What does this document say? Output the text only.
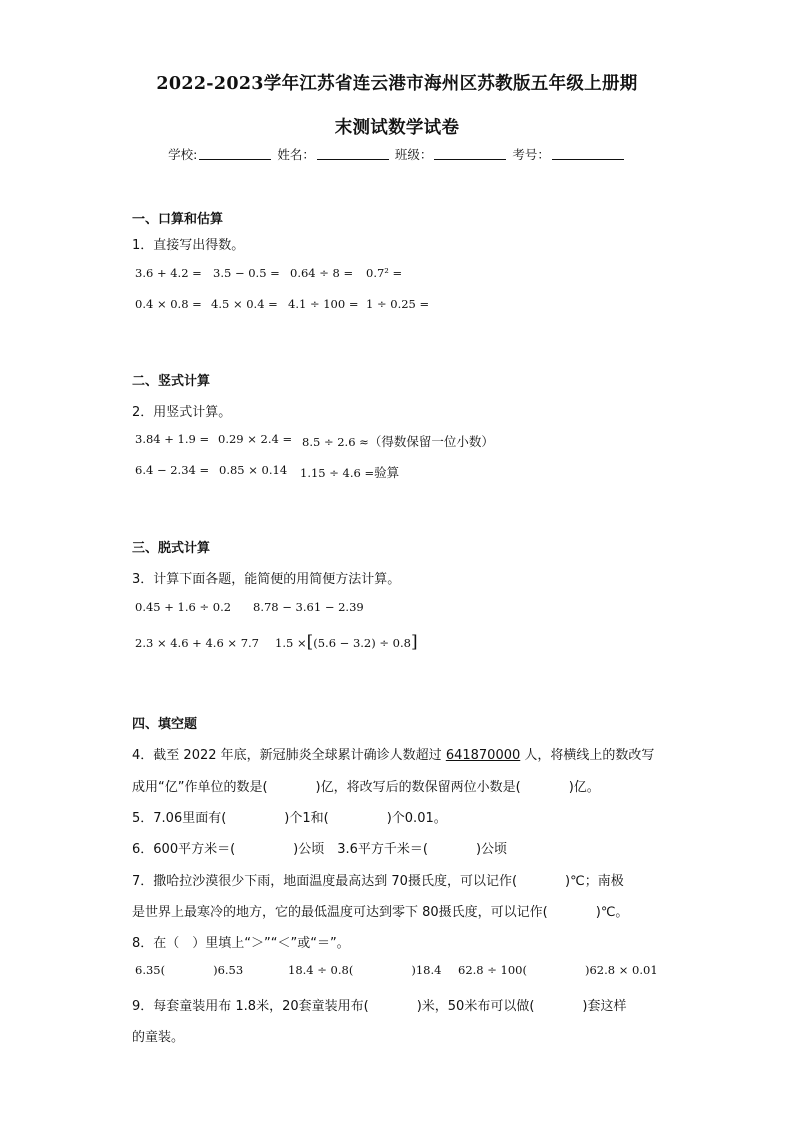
2022-2023学年江苏省连云港市海州区苏教版五年级上册期
末测试数学试卷
学校:	姓名：	班级：	考号：
一、口算和估算
1．直接写出得数。
3.6 + 4.2 = 3.5 − 0.5 = 0.64 ÷ 8 = 0.7² =
0.4 × 0.8 = 4.5 × 0.4 = 4.1 ÷ 100 = 1 ÷ 0.25 =
二、竖式计算
2．用竖式计算。
3.84 + 1.9 = 0.29 × 2.4 = 8.5 ÷ 2.6 ≈（得数保留一位小数）
6.4 − 2.34 = 0.85 × 0.14 1.15 ÷ 4.6 =验算
三、脱式计算
3．计算下面各题，能简便的用简便方法计算。
0.45 + 1.6 ÷ 0.2 8.78 − 3.61 − 2.39
2.3 × 4.6 + 4.6 × 7.7 1.5 ×[(5.6 − 3.2) ÷ 0.8]
四、填空题
4．截至 2022 年底，新冠肺炎全球累计确诊人数超过 641870000 人，将横线上的数改写
成用“亿”作单位的数是(	)亿，将改写后的数保留两位小数是(	)亿。
5．7.06里面有(	)个1和(	)个0.01。
6．600平方米＝(	)公顷　3.6平方千米＝(	)公顷
7．撒哈拉沙漠很少下雨，地面温度最高达到 70摄氏度，可以记作(	)℃；南极
是世界上最寒冷的地方，它的最低温度可达到零下 80摄氏度，可以记作(	)℃。
8．在（　）里填上“＞”“＜”或“＝”。
6.35(	)6.53	18.4 ÷ 0.8(	)18.4 62.8 ÷ 100(	)62.8 × 0.01
9．每套童装用布 1.8米，20套童装用布(	)米，50米布可以做(	)套这样
的童装。
